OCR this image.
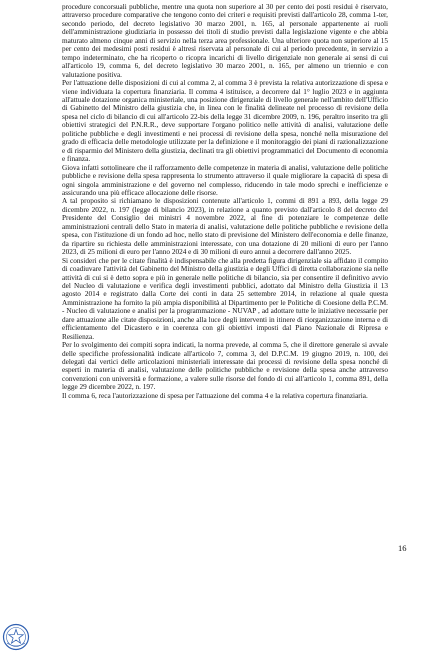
procedure concorsuali pubbliche, mentre una quota non superiore al 30 per cento dei posti residui è riservato, attraverso procedure comparative che tengono conto dei criteri e requisiti previsti dall'articolo 28, comma 1-ter, secondo periodo, del decreto legislativo 30 marzo 2001, n. 165, al personale appartenente ai ruoli dell'amministrazione giudiziaria in possesso dei titoli di studio previsti dalla legislazione vigente e che abbia maturato almeno cinque anni di servizio nella terza area professionale. Una ulteriore quota non superiore al 15 per cento dei medesimi posti residui è altresì riservata al personale di cui al periodo precedente, in servizio a tempo indeterminato, che ha ricoperto o ricopra incarichi di livello dirigenziale non generale ai sensi di cui all'articolo 19, comma 6, del decreto legislativo 30 marzo 2001, n. 165, per almeno un triennio e con valutazione positiva.

Per l'attuazione delle disposizioni di cui al comma 2, al comma 3 è prevista la relativa autorizzazione di spesa e viene individuata la copertura finanziaria. Il comma 4 istituisce, a decorrere dal 1° luglio 2023 e in aggiunta all'attuale dotazione organica ministeriale, una posizione dirigenziale di livello generale nell'ambito dell'Ufficio di Gabinetto del Ministro della giustizia che, in linea con le finalità delineate nel processo di revisione della spesa nel ciclo di bilancio di cui all'articolo 22-bis della legge 31 dicembre 2009, n. 196, peraltro inserito tra gli obiettivi strategici del P.N.R.R., deve supportare l'organo politico nelle attività di analisi, valutazione delle politiche pubbliche e degli investimenti e nei processi di revisione della spesa, nonché nella misurazione del grado di efficacia delle metodologie utilizzate per la definizione e il monitoraggio dei piani di razionalizzazione e di risparmio del Ministero della giustizia, declinati tra gli obiettivi programmatici del Documento di economia e finanza.

Giova infatti sottolineare che il rafforzamento delle competenze in materia di analisi, valutazione delle politiche pubbliche e revisione della spesa rappresenta lo strumento attraverso il quale migliorare la capacità di spesa di ogni singola amministrazione e del governo nel complesso, riducendo in tale modo sprechi e inefficienze e assicurando una più efficace allocazione delle risorse.

A tal proposito si richiamano le disposizioni contenute all'articolo 1, commi di 891 a 893, della legge 29 dicembre 2022, n. 197 (legge di bilancio 2023), in relazione a quanto previsto dall'articolo 8 del decreto del Presidente del Consiglio dei ministri 4 novembre 2022, al fine di potenziare le competenze delle amministrazioni centrali dello Stato in materia di analisi, valutazione delle politiche pubbliche e revisione della spesa, con l'istituzione di un fondo ad hoc, nello stato di previsione del Ministero dell'economia e delle finanze, da ripartire su richiesta delle amministrazioni interessate, con una dotazione di 20 milioni di euro per l'anno 2023, di 25 milioni di euro per l'anno 2024 e di 30 milioni di euro annui a decorrere dall'anno 2025.

Si consideri che per le citate finalità è indispensabile che alla predetta figura dirigenziale sia affidato il compito di coadiuvare l'attività del Gabinetto del Ministro della giustizia e degli Uffici di diretta collaborazione sia nelle attività di cui si è detto sopra e più in generale nelle politiche di bilancio, sia per consentire il definitivo avvio del Nucleo di valutazione e verifica degli investimenti pubblici, adottato dal Ministro della Giustizia il 13 agosto 2014 e registrato dalla Corte dei conti in data 25 settembre 2014, in relazione al quale questa Amministrazione ha fornito la più ampia disponibilità al Dipartimento per le Politiche di Coesione della P.C.M. - Nucleo di valutazione e analisi per la programmazione - NUVAP , ad adottare tutte le iniziative necessarie per dare attuazione alle citate disposizioni, anche alla luce degli interventi in itinere di riorganizzazione interna e di efficientamento del Dicastero e in coerenza con gli obiettivi imposti dal Piano Nazionale di Ripresa e Resilienza.

Per lo svolgimento dei compiti sopra indicati, la norma prevede, al comma 5, che il direttore generale si avvale delle specifiche professionalità indicate all'articolo 7, comma 3, del D.P.C.M. 19 giugno 2019, n. 100, dei delegati dai vertici delle articolazioni ministeriali interessate dai processi di revisione della spesa nonché di esperti in materia di analisi, valutazione delle politiche pubbliche e revisione della spesa anche attraverso convenzioni con università e formazione, a valere sulle risorse del fondo di cui all'articolo 1, comma 891, della legge 29 dicembre 2022, n. 197.

Il comma 6, reca l'autorizzazione di spesa per l'attuazione del comma 4 e la relativa copertura finanziaria.

16
